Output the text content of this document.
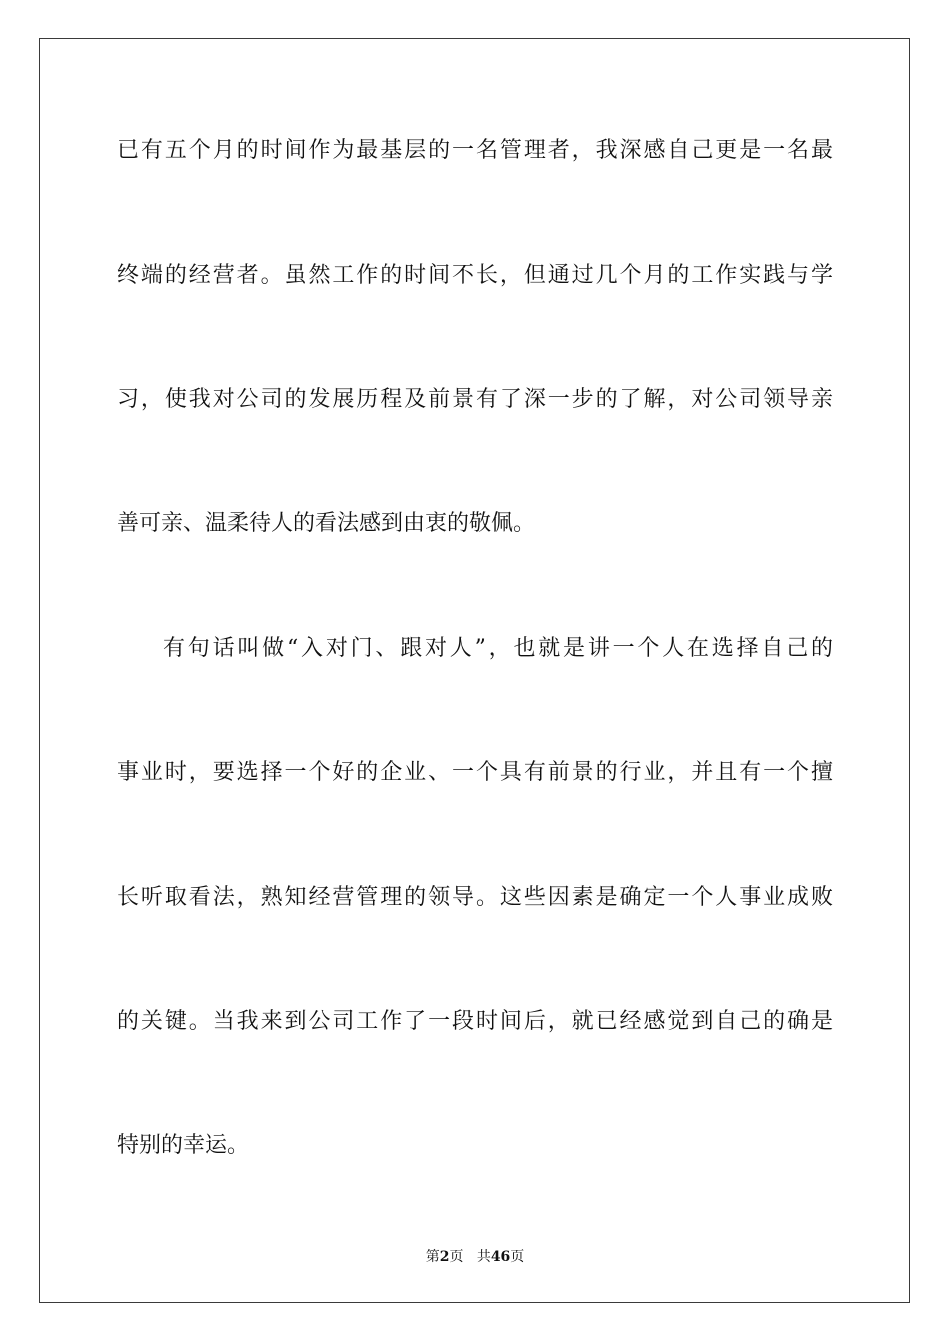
已有五个月的时间作为最基层的一名管理者，我深感自己更是一名最
终端的经营者。虽然工作的时间不长，但通过几个月的工作实践与学
习，使我对公司的发展历程及前景有了深一步的了解，对公司领导亲
善可亲、温柔待人的看法感到由衷的敬佩。
有句话叫做“入对门、跟对人”，也就是讲一个人在选择自己的
事业时，要选择一个好的企业、一个具有前景的行业，并且有一个擅
长听取看法，熟知经营管理的领导。这些因素是确定一个人事业成败
的关键。当我来到公司工作了一段时间后，就已经感觉到自己的确是
特别的幸运。
第2页 共46页
